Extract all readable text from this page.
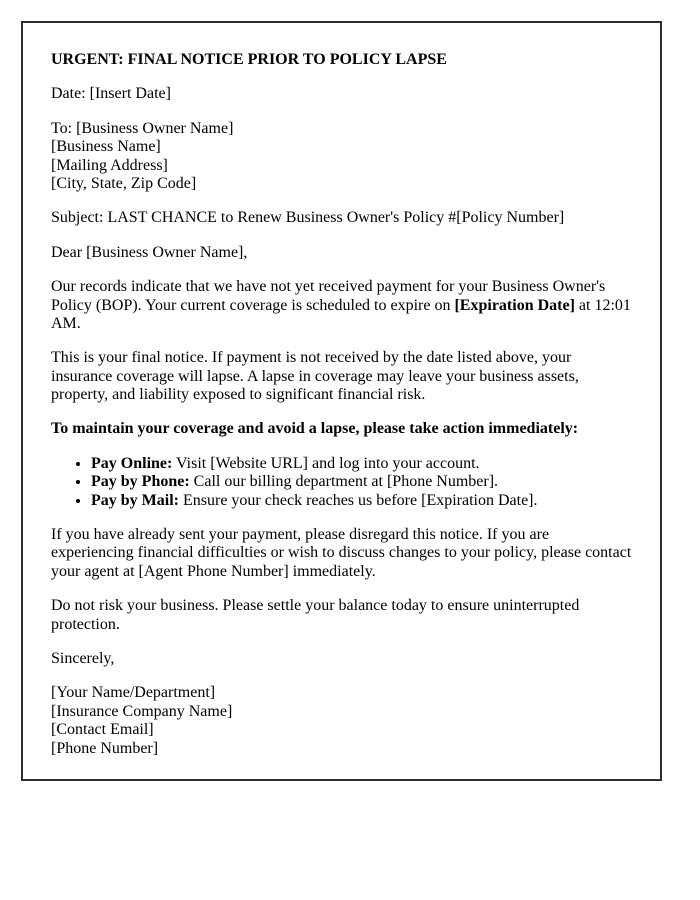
URGENT: FINAL NOTICE PRIOR TO POLICY LAPSE

Date: [Insert Date]

To: [Business Owner Name]
[Business Name]
[Mailing Address]
[City, State, Zip Code]

Subject: LAST CHANCE to Renew Business Owner's Policy #[Policy Number]

Dear [Business Owner Name],

Our records indicate that we have not yet received payment for your Business Owner's Policy (BOP). Your current coverage is scheduled to expire on [Expiration Date] at 12:01 AM.

This is your final notice. If payment is not received by the date listed above, your insurance coverage will lapse. A lapse in coverage may leave your business assets, property, and liability exposed to significant financial risk.

To maintain your coverage and avoid a lapse, please take action immediately:

• Pay Online: Visit [Website URL] and log into your account.
• Pay by Phone: Call our billing department at [Phone Number].
• Pay by Mail: Ensure your check reaches us before [Expiration Date].

If you have already sent your payment, please disregard this notice. If you are experiencing financial difficulties or wish to discuss changes to your policy, please contact your agent at [Agent Phone Number] immediately.

Do not risk your business. Please settle your balance today to ensure uninterrupted protection.

Sincerely,

[Your Name/Department]
[Insurance Company Name]
[Contact Email]
[Phone Number]
